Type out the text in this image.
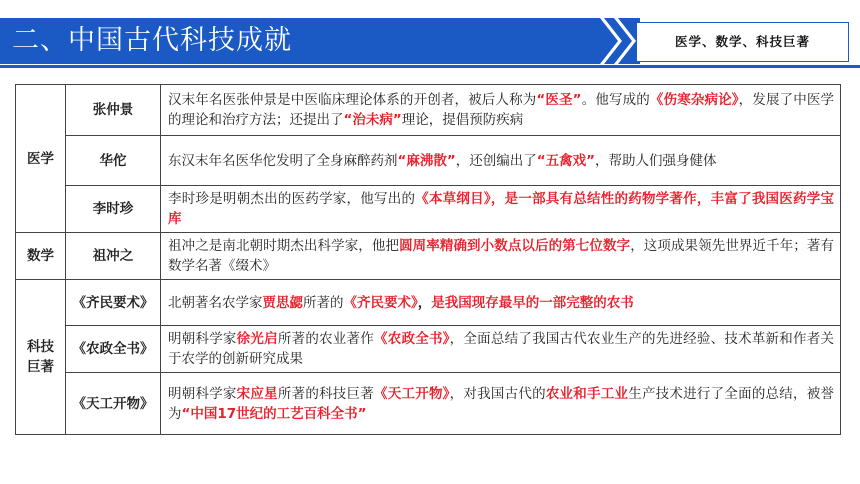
二、中国古代科技成就	医学、数学、科技巨著
医学	张仲景	汉末年名医张仲景是中医临床理论体系的开创者，被后人称为“医圣”。他写成的《伤寒杂病论》，发展了中医学的理论和治疗方法；还提出了“治未病”理论，提倡预防疾病
	华佗	东汉末年名医华佗发明了全身麻醉药剂“麻沸散”，还创编出了“五禽戏”，帮助人们强身健体
	李时珍	李时珍是明朝杰出的医药学家，他写出的《本草纲目》，是一部具有总结性的药物学著作，丰富了我国医药学宝库
数学	祖冲之	祖冲之是南北朝时期杰出科学家，他把圆周率精确到小数点以后的第七位数字，这项成果领先世界近千年；著有数学名著《缀术》
科技巨著	《齐民要术》	北朝著名农学家贾思勰所著的《齐民要术》，是我国现存最早的一部完整的农书
	《农政全书》	明朝科学家徐光启所著的农业著作《农政全书》，全面总结了我国古代农业生产的先进经验、技术革新和作者关于农学的创新研究成果
	《天工开物》	明朝科学家宋应星所著的科技巨著《天工开物》，对我国古代的农业和手工业生产技术进行了全面的总结，被誉为“中国17世纪的工艺百科全书”
